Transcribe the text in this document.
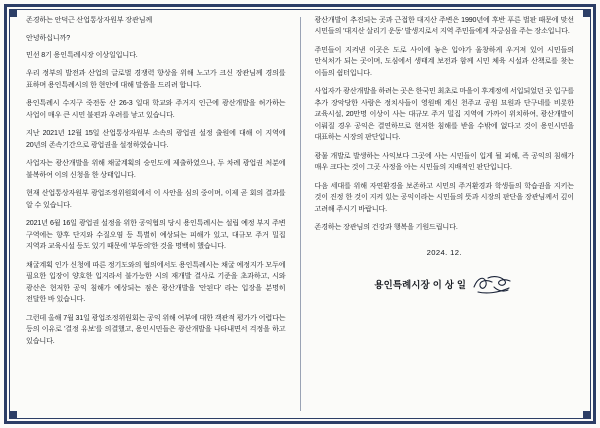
존경하는 안덕근 산업통상자원부 장관님께

안녕하십니까?

민선 8기 용인특례시장 이상일입니다.

우리 정부의 발전과 산업의 글로벌 경쟁력 향상을 위해 노고가 크신 장관님께 경의를 표하며 용인특례시의 한 현안에 대해 말씀을 드리려 합니다.

용인특례시 수지구 죽전동 산 26-3 일대 학교와 주거지 인근에 광산개발을 허가하는 사업이 매우 큰 시민 불편과 우려를 낳고 있습니다.

지난 2021년 12월 15일 산업통상자원부 소속의 광업권 설정 출원에 대해 이 지역에 20년의 존속기간으로 광업권을 설정하였습니다.

사업자는 광산개발을 위해 채굴계획의 승인도에 제출하였으나, 두 차례 광업권 처분에 불복하여 이의 신청을 한 상태입니다.

현재 산업통상자원부 광업조정위원회에서 이 사안을 심의 중이며, 이제 곧 회의 결과를 알 수 있습니다.

2021년 6월 16일 광업권 설정을 위한 공익협의 당시 용인특례시는 설립 예정 부지 주변 구역에는 향후 단지와 수질오염 등 특별히 예상되는 피해가 있고, 대규모 주거 밀집 지역과 교육시설 등도 있기 때문에 '부동의'한 것을 명백히 했습니다.

채굴계획 인가 신청에 따른 정기도와의 협의에서도 용인특례시는 채굴 예정지가 모두에 필요한 입장이 양호한 입지라서 불가능한 시의 재개발 결사로 기준을 초과하고, 시와 광산은 현저한 공익 침해가 예상되는 점은 광산개발을 '안된다' 라는 입장을 분명히 전달한 바 있습니다.

그런데 올해 7월 31일 광업조정위원회는 공익 위해 여부에 대한 객관적 평가가 어렵다는 등의 이유로 '결정 유보'를 의결했고, 용인시민들은 광산개발을 나타내면서 걱정을 하고 있습니다.

광산개발이 추진되는 곳과 근접한 대지산 주변은 1990년에 후반 푸른 벌판 때문에 맞선 시민들의 '대지산 살리기 운동' 발생지로서 지역 주민들에게 자긍심을 주는 장소입니다.

주민들이 지켜낸 이곳은 도로 사이에 놓은 입야가 울창하게 우거져 있어 시민들의 안식처가 되는 곳이며, 도심에서 생태계 보전과 함께 시민 체육 시설과 산책로를 찾는 이들의 쉼터입니다.

사업자가 광산개발을 하려는 곳은 한국민 최초로 마을이 후계정에 서입되었던 곳 입구를 추가 장악당한 사람은 정치사들이 영원배 계신 천주교 공원 묘원과 단구네를 비롯한 교육시설, 20만명 이상이 사는 대규모 주거 밀집 지역에 가까이 위치하여, 광산개발이 이뤄질 경우 공익은 결연하므로 현저한 침해를 받을 수밖에 없다고 것이 용인시민을 대표하는 시장의 판단입니다.

광물 개발로 발생하는 사익보다 그곳에 사는 시민들이 입게 될 피해, 즉 공익의 침해가 매우 크다는 것이 그곳 사정을 아는 시민들의 지배적인 판단입니다.

다음 세대를 위해 자연환경을 보존하고 시민의 주거환경과 학생들의 학습권을 지키는 것이 진정 한 것이 지켜 있는 공익이라는 시민들의 뜻과 시장의 판단을 장관님께서 깊이 고려해 주시기 바랍니다.

존경하는 장관님의 건강과 행복을 기원드립니다.

2024. 12.
용인특례시장 이 상 일
